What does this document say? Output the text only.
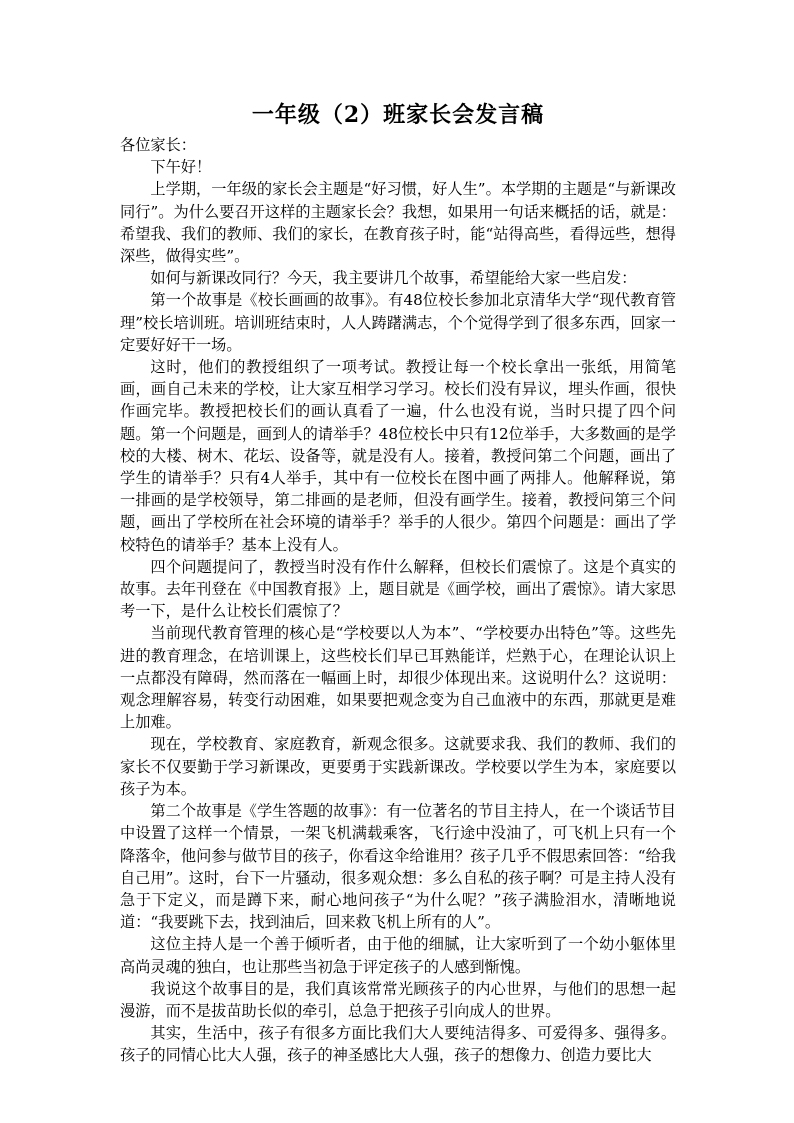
一年级（2）班家长会发言稿

各位家长：

下午好！

上学期，一年级的家长会主题是“好习惯，好人生”。本学期的主题是“与新课改同行”。为什么要召开这样的主题家长会？我想，如果用一句话来概括的话，就是：希望我、我们的教师、我们的家长，在教育孩子时，能“站得高些，看得远些，想得深些，做得实些”。

如何与新课改同行？今天，我主要讲几个故事，希望能给大家一些启发：

第一个故事是《校长画画的故事》。有48位校长参加北京清华大学“现代教育管理”校长培训班。培训班结束时，人人踌躇满志，个个觉得学到了很多东西，回家一定要好好干一场。

这时，他们的教授组织了一项考试。教授让每一个校长拿出一张纸，用简笔画，画自己未来的学校，让大家互相学习学习。校长们没有异议，埋头作画，很快作画完毕。教授把校长们的画认真看了一遍，什么也没有说，当时只提了四个问题。第一个问题是，画到人的请举手？48位校长中只有12位举手，大多数画的是学校的大楼、树木、花坛、设备等，就是没有人。接着，教授问第二个问题，画出了学生的请举手？只有4人举手，其中有一位校长在图中画了两排人。他解释说，第一排画的是学校领导，第二排画的是老师，但没有画学生。接着，教授问第三个问题，画出了学校所在社会环境的请举手？举手的人很少。第四个问题是：画出了学校特色的请举手？基本上没有人。

四个问题提问了，教授当时没有作什么解释，但校长们震惊了。这是个真实的故事。去年刊登在《中国教育报》上，题目就是《画学校，画出了震惊》。请大家思考一下，是什么让校长们震惊了？

当前现代教育管理的核心是“学校要以人为本”、“学校要办出特色”等。这些先进的教育理念，在培训课上，这些校长们早已耳熟能详，烂熟于心，在理论认识上一点都没有障碍，然而落在一幅画上时，却很少体现出来。这说明什么？这说明：观念理解容易，转变行动困难，如果要把观念变为自己血液中的东西，那就更是难上加难。

现在，学校教育、家庭教育，新观念很多。这就要求我、我们的教师、我们的家长不仅要勤于学习新课改，更要勇于实践新课改。学校要以学生为本，家庭要以孩子为本。

第二个故事是《学生答题的故事》：有一位著名的节目主持人，在一个谈话节目中设置了这样一个情景，一架飞机满载乘客，飞行途中没油了，可飞机上只有一个降落伞，他问参与做节目的孩子，你看这伞给谁用？孩子几乎不假思索回答：“给我自己用”。这时，台下一片骚动，很多观众想：多么自私的孩子啊？可是主持人没有急于下定义，而是蹲下来，耐心地问孩子“为什么呢？”孩子满脸泪水，清晰地说道：“我要跳下去，找到油后，回来救飞机上所有的人”。

这位主持人是一个善于倾听者，由于他的细腻，让大家听到了一个幼小躯体里高尚灵魂的独白，也让那些当初急于评定孩子的人感到惭愧。

我说这个故事目的是，我们真该常常光顾孩子的内心世界，与他们的思想一起漫游，而不是拔苗助长似的牵引，总急于把孩子引向成人的世界。

其实，生活中，孩子有很多方面比我们大人要纯洁得多、可爱得多、强得多。孩子的同情心比大人强，孩子的神圣感比大人强，孩子的想像力、创造力要比大
